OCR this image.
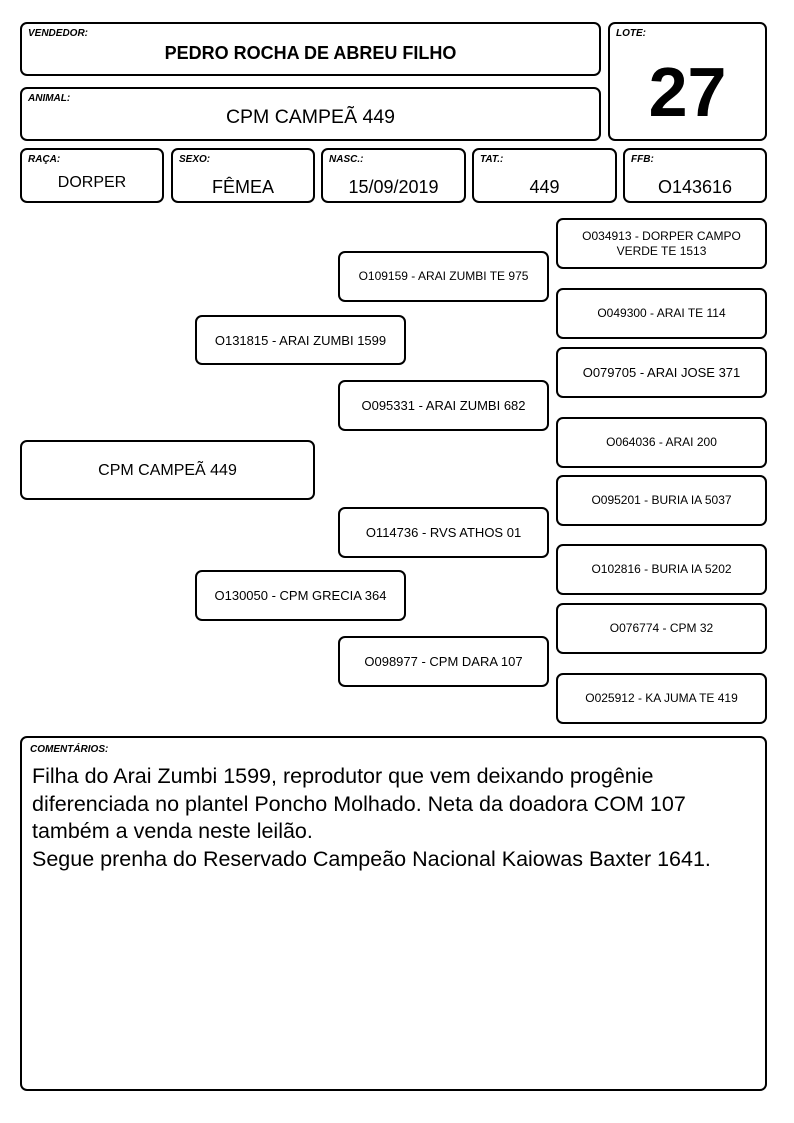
VENDEDOR:
PEDRO ROCHA DE ABREU FILHO
ANIMAL:
CPM CAMPEÃ 449
LOTE:
27
RAÇA:
DORPER
SEXO:
FÊMEA
NASC.:
15/09/2019
TAT.:
449
FFB:
O143616
CPM CAMPEÃ 449
O131815 - ARAI ZUMBI 1599
O130050 - CPM GRECIA 364
O109159 - ARAI ZUMBI TE 975
O095331 - ARAI ZUMBI 682
O114736 - RVS ATHOS 01
O098977 - CPM DARA 107
O034913 - DORPER CAMPO VERDE TE 1513
O049300 - ARAI TE 114
O079705 - ARAI JOSE 371
O064036 - ARAI 200
O095201 - BURIA IA 5037
O102816 - BURIA IA 5202
O076774 - CPM 32
O025912 - KA JUMA TE 419
COMENTÁRIOS:

Filha do Arai Zumbi 1599, reprodutor que vem deixando progênie diferenciada no plantel Poncho Molhado. Neta da doadora COM 107 também a venda neste leilão.

Segue prenha do Reservado Campeão Nacional Kaiowas Baxter 1641.
